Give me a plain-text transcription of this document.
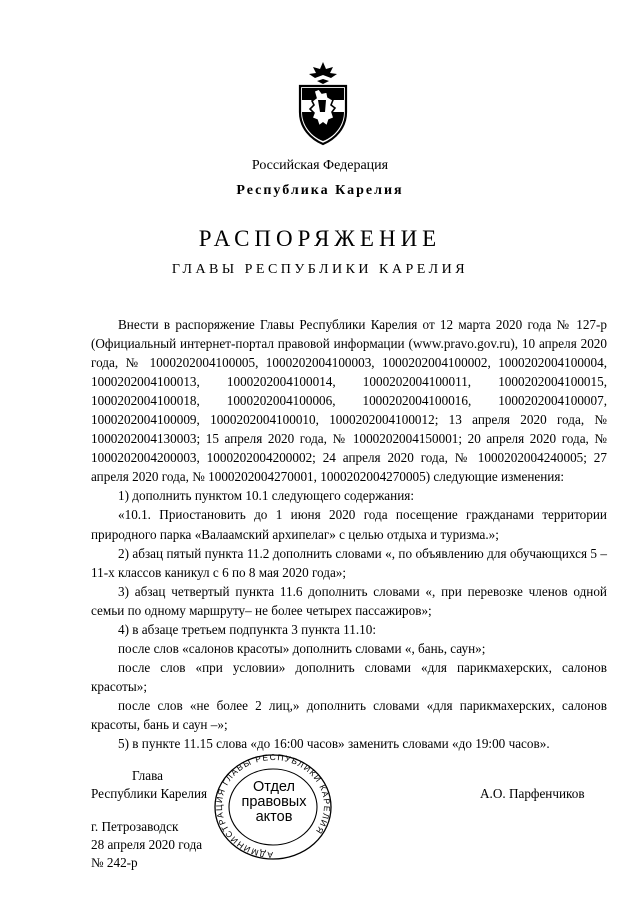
Российская Федерация
Республика Карелия
РАСПОРЯЖЕНИЕ
ГЛАВЫ РЕСПУБЛИКИ КАРЕЛИЯ

Внести в распоряжение Главы Республики Карелия от 12 марта 2020 года № 127-р (Официальный интернет-портал правовой информации (www.pravo.gov.ru), 10 апреля 2020 года, № 1000202004100005, 1000202004100003, 1000202004100002, 1000202004100004, 1000202004100013, 1000202004100014, 1000202004100011, 1000202004100015, 1000202004100018, 1000202004100006, 1000202004100016, 1000202004100007, 1000202004100009, 1000202004100010, 1000202004100012; 13 апреля 2020 года, № 1000202004130003; 15 апреля 2020 года, № 1000202004150001; 20 апреля 2020 года, № 1000202004200003, 1000202004200002; 24 апреля 2020 года, № 1000202004240005; 27 апреля 2020 года, № 1000202004270001, 1000202004270005) следующие изменения:

1) дополнить пунктом 10.1 следующего содержания:

«10.1. Приостановить до 1 июня 2020 года посещение гражданами территории природного парка «Валаамский архипелаг» с целью отдыха и туризма.»;

2) абзац пятый пункта 11.2 дополнить словами «, по объявлению для обучающихся 5 – 11-х классов каникул с 6 по 8 мая 2020 года»;

3) абзац четвертый пункта 11.6 дополнить словами «, при перевозке членов одной семьи по одному маршруту– не более четырех пассажиров»;

4) в абзаце третьем подпункта 3 пункта 11.10:

после слов «салонов красоты» дополнить словами «, бань, саун»;

после слов «при условии» дополнить словами «для парикмахерских, салонов красоты»;

после слов «не более 2 лиц,» дополнить словами «для парикмахерских, салонов красоты, бань и саун –»;

5) в пункте 11.15 слова «до 16:00 часов» заменить словами «до 19:00 часов».

Глава
Республики Карелия	А.О. Парфенчиков
АДМИНИСТРАЦИЯ ГЛАВЫ РЕСПУБЛИКИ КАРЕЛИЯ
Отдел
правовых
актов
г. Петрозаводск
28 апреля 2020 года
№ 242-р
